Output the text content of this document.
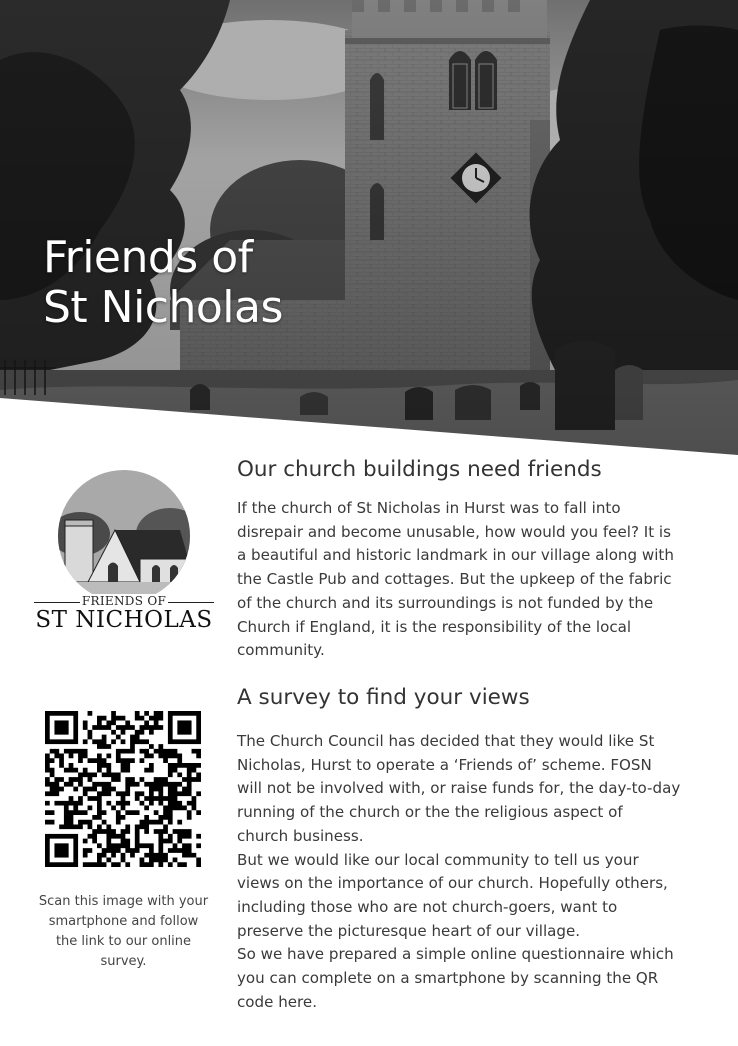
Friends of
St Nicholas
FRIENDS OF
ST NICHOLAS

Scan this image with your smartphone and follow the link to our online survey.

Our church buildings need friends

If the church of St Nicholas in Hurst was to fall into
disrepair and become unusable, how would you feel? It is
a beautiful and historic landmark in our village along with
the Castle Pub and cottages. But the upkeep of the fabric
of the church and its surroundings is not funded by the
Church if England, it is the responsibility of the local
community.

A survey to find your views

The Church Council has decided that they would like St
Nicholas, Hurst to operate a ‘Friends of’ scheme. FOSN
will not be involved with, or raise funds for, the day-to-day
running of the church or the the religious aspect of
church business.
But we would like our local community to tell us your
views on the importance of our church. Hopefully others,
including those who are not church-goers, want to
preserve the picturesque heart of our village.
So we have prepared a simple online questionnaire which
you can complete on a smartphone by scanning the QR
code here.
